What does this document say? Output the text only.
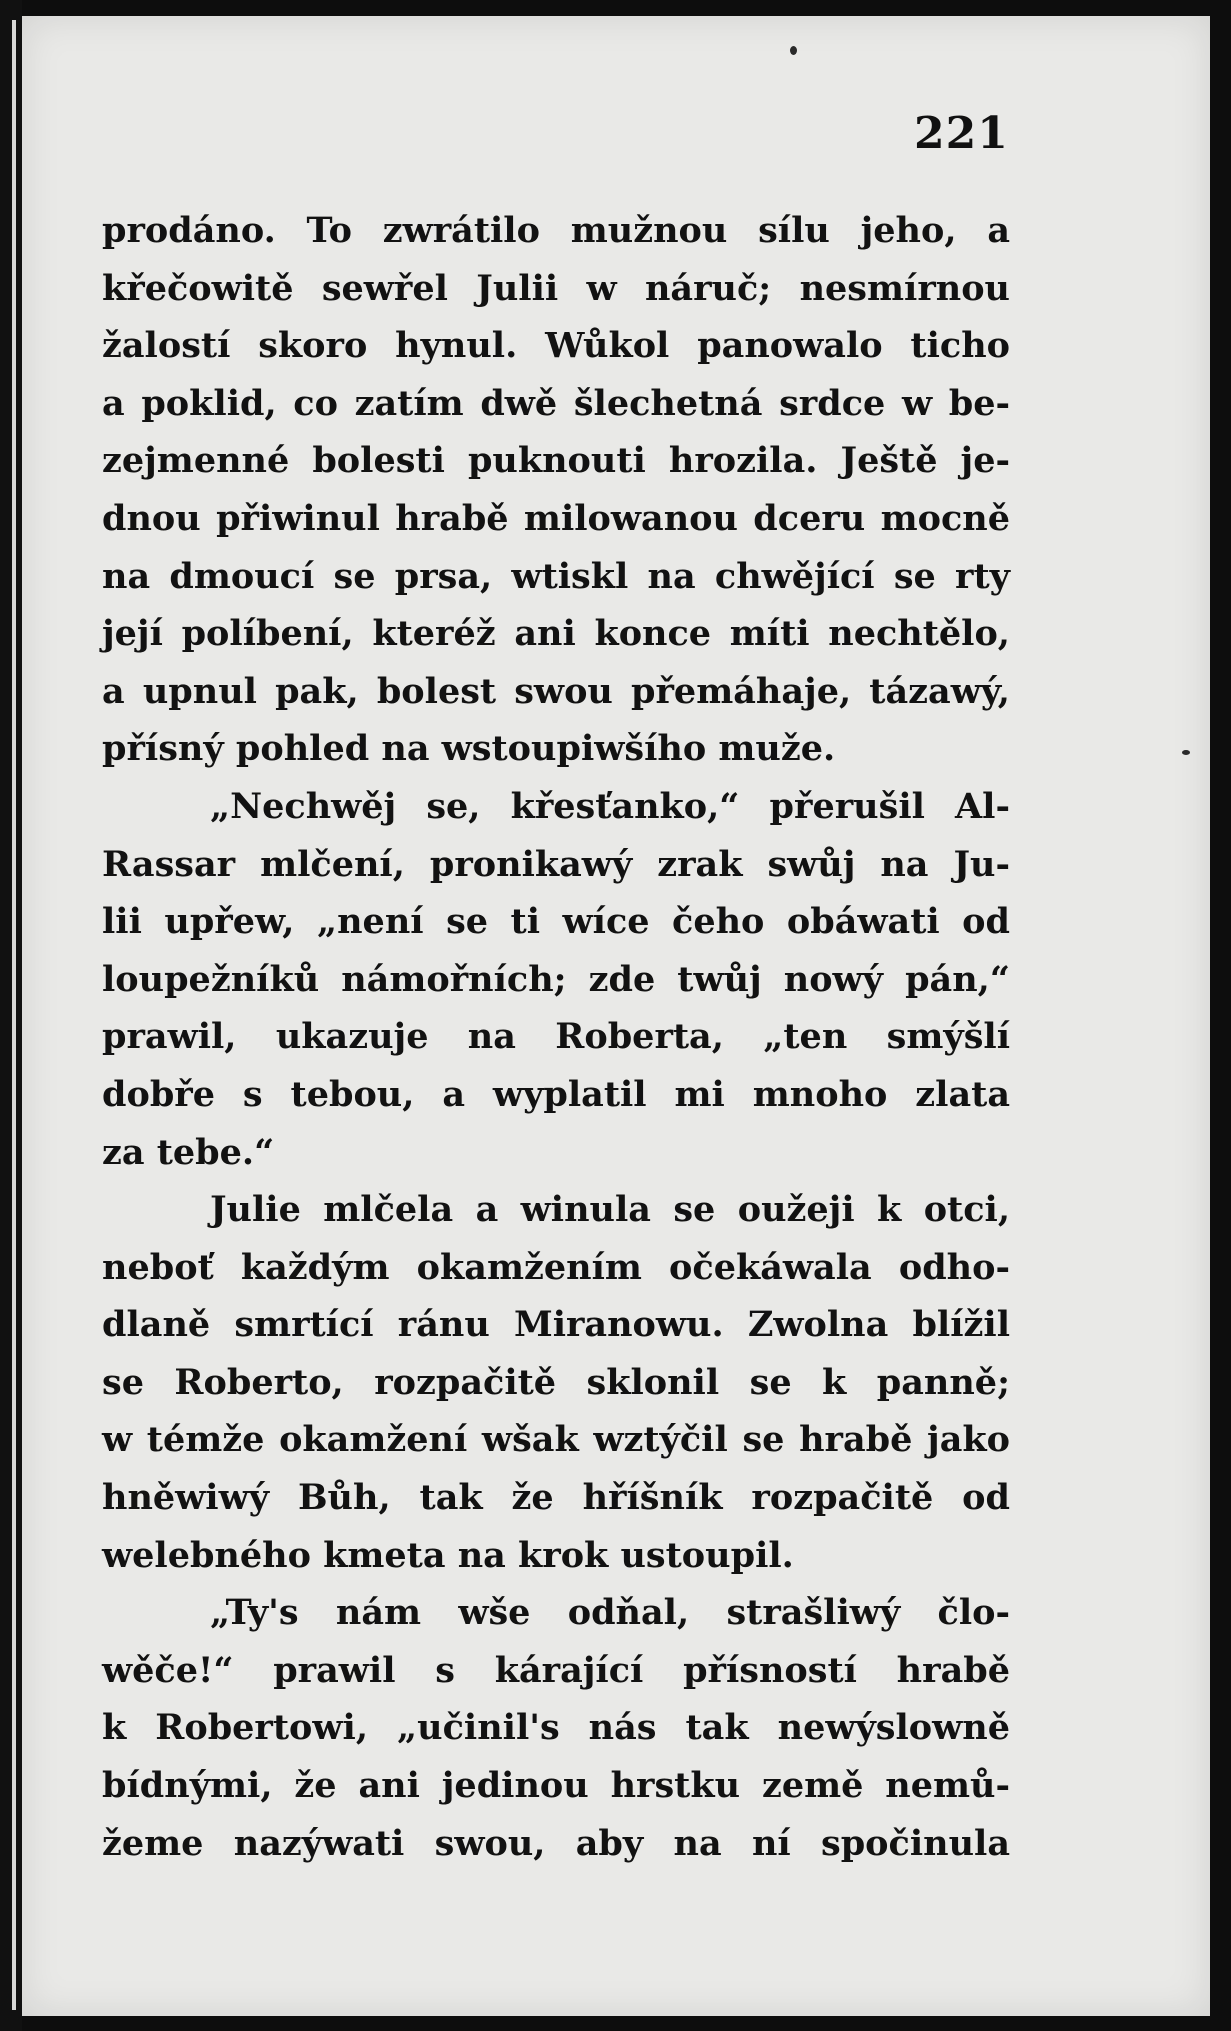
221
prodáno. To zwrátilo mužnou sílu jeho, a
křečowitě sewřel Julii w náruč; nesmírnou
žalostí skoro hynul. Wůkol panowalo ticho
a poklid, co zatím dwě šlechetná srdce w be-
zejmenné bolesti puknouti hrozila. Ještě je-
dnou přiwinul hrabě milowanou dceru mocně
na dmoucí se prsa, wtiskl na chwějící se rty
její políbení, kteréž ani konce míti nechtělo,
a upnul pak, bolest swou přemáhaje, tázawý,
přísný pohled na wstoupiwšího muže.
„Nechwěj se, křesťanko,“ přerušil Al-
Rassar mlčení, pronikawý zrak swůj na Ju-
lii upřew, „není se ti wíce čeho obáwati od
loupežníků námořních; zde twůj nowý pán,“
prawil, ukazuje na Roberta, „ten smýšlí
dobře s tebou, a wyplatil mi mnoho zlata
za tebe.“
Julie mlčela a winula se oužeji k otci,
neboť každým okamžením očekáwala odho-
dlaně smrtící ránu Miranowu. Zwolna blížil
se Roberto, rozpačitě sklonil se k panně;
w témže okamžení wšak wztýčil se hrabě jako
hněwiwý Bůh, tak že hříšník rozpačitě od
welebného kmeta na krok ustoupil.
„Ty's nám wše odňal, strašliwý člo-
wěče!“ prawil s kárající přísností hrabě
k Robertowi, „učinil's nás tak newýslowně
bídnými, že ani jedinou hrstku země nemů-
žeme nazýwati swou, aby na ní spočinula
